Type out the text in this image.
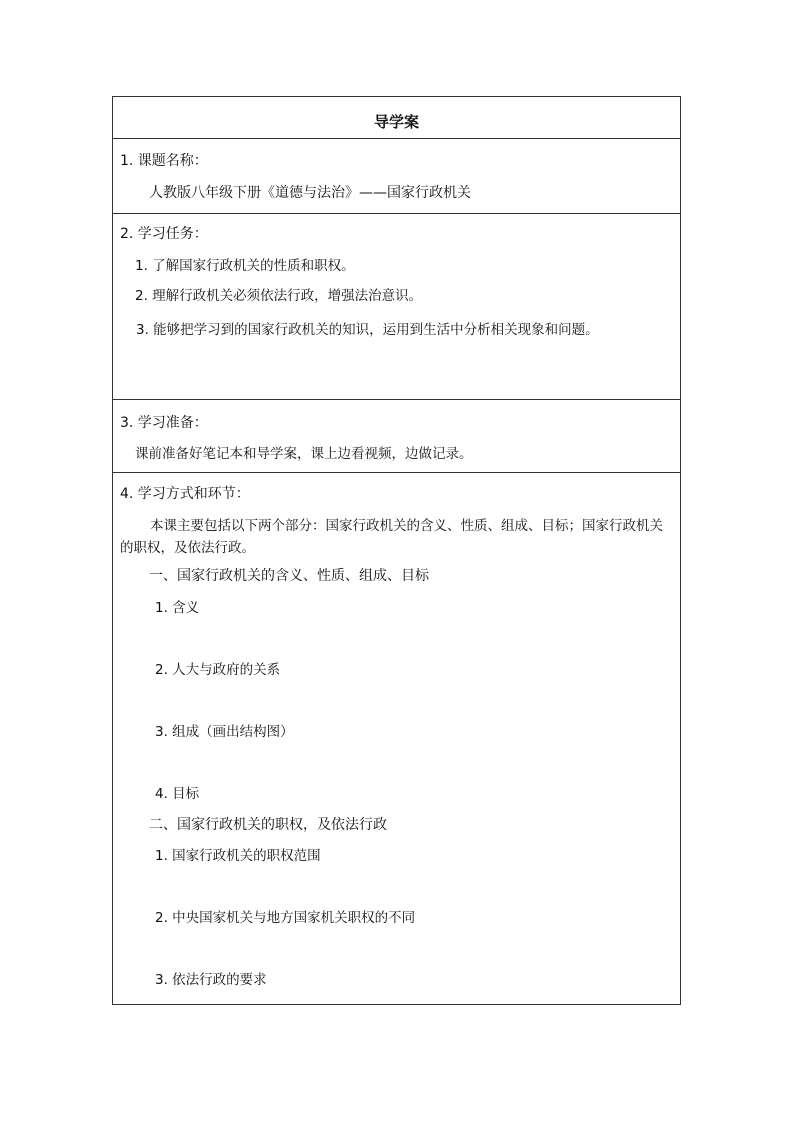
导学案
1. 课题名称：
人教版八年级下册《道德与法治》——国家行政机关
2. 学习任务：
1. 了解国家行政机关的性质和职权。
2. 理解行政机关必须依法行政，增强法治意识。
3. 能够把学习到的国家行政机关的知识，运用到生活中分析相关现象和问题。
3. 学习准备：
课前准备好笔记本和导学案，课上边看视频，边做记录。
4. 学习方式和环节：
本课主要包括以下两个部分：国家行政机关的含义、性质、组成、目标；国家行政机关的职权，及依法行政。
一、国家行政机关的含义、性质、组成、目标
1. 含义
2. 人大与政府的关系
3. 组成（画出结构图）
4. 目标
二、国家行政机关的职权，及依法行政
1. 国家行政机关的职权范围
2. 中央国家机关与地方国家机关职权的不同
3. 依法行政的要求
